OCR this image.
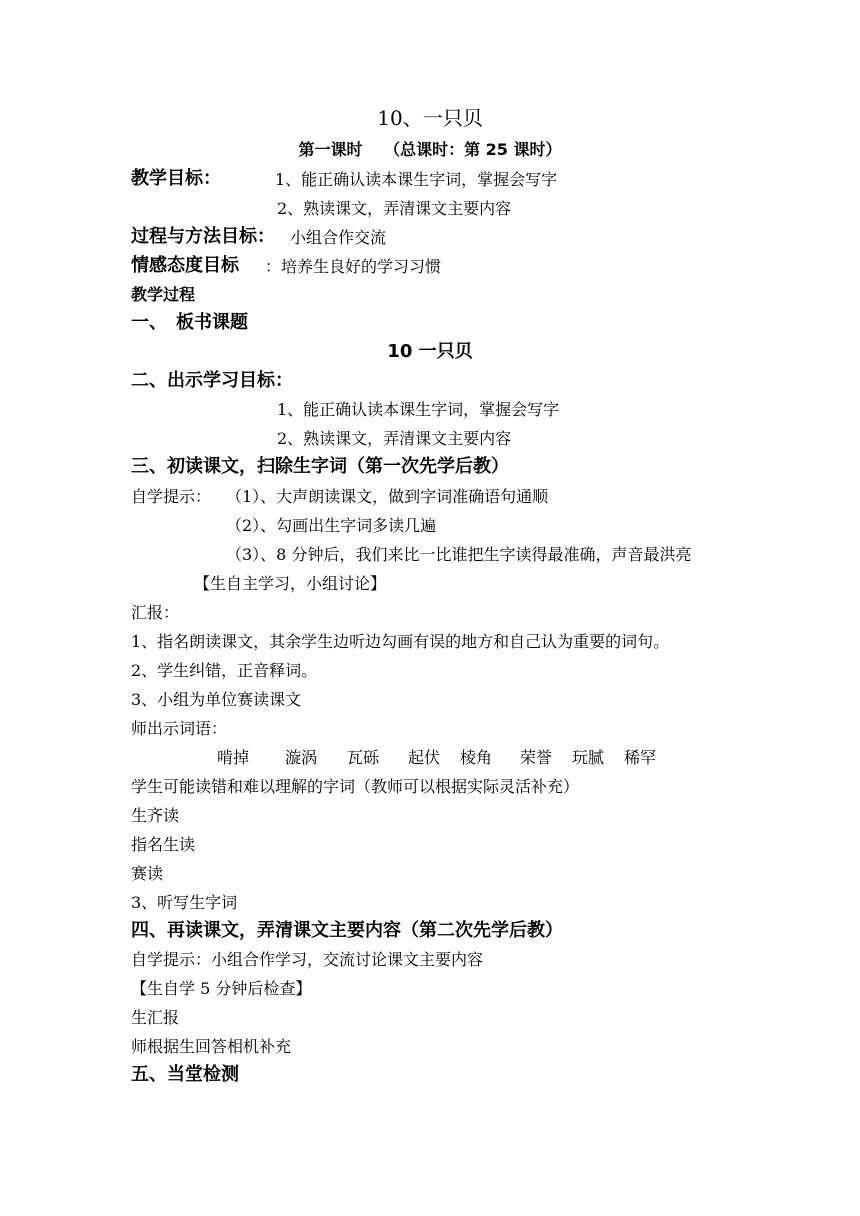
10、一只贝
第一课时　 （总课时：第 25 课时）
教学目标：	1、能正确认读本课生字词，掌握会写字
2、熟读课文，弄清课文主要内容
过程与方法目标： 小组合作交流
情感态度目标 ：培养生良好的学习习惯
教学过程
一、　板书课题
10 一只贝
二、出示学习目标：
1、能正确认读本课生字词，掌握会写字
2、熟读课文，弄清课文主要内容
三、初读课文，扫除生字词（第一次先学后教）
自学提示： （1）、大声朗读课文，做到字词准确语句通顺
（2）、勾画出生字词多读几遍
（3）、8 分钟后，我们来比一比谁把生字读得最准确，声音最洪亮
【生自主学习，小组讨论】
汇报：
1、指名朗读课文，其余学生边听边勾画有误的地方和自己认为重要的词句。
2、学生纠错，正音释词。
3、小组为单位赛读课文
师出示词语：
啃掉 漩涡 瓦砾 起伏 棱角 荣誉 玩腻 稀罕
学生可能读错和难以理解的字词（教师可以根据实际灵活补充）
生齐读
指名生读
赛读
3、听写生字词
四、再读课文，弄清课文主要内容（第二次先学后教）
自学提示：小组合作学习，交流讨论课文主要内容
【生自学 5 分钟后检查】
生汇报
师根据生回答相机补充
五、当堂检测
